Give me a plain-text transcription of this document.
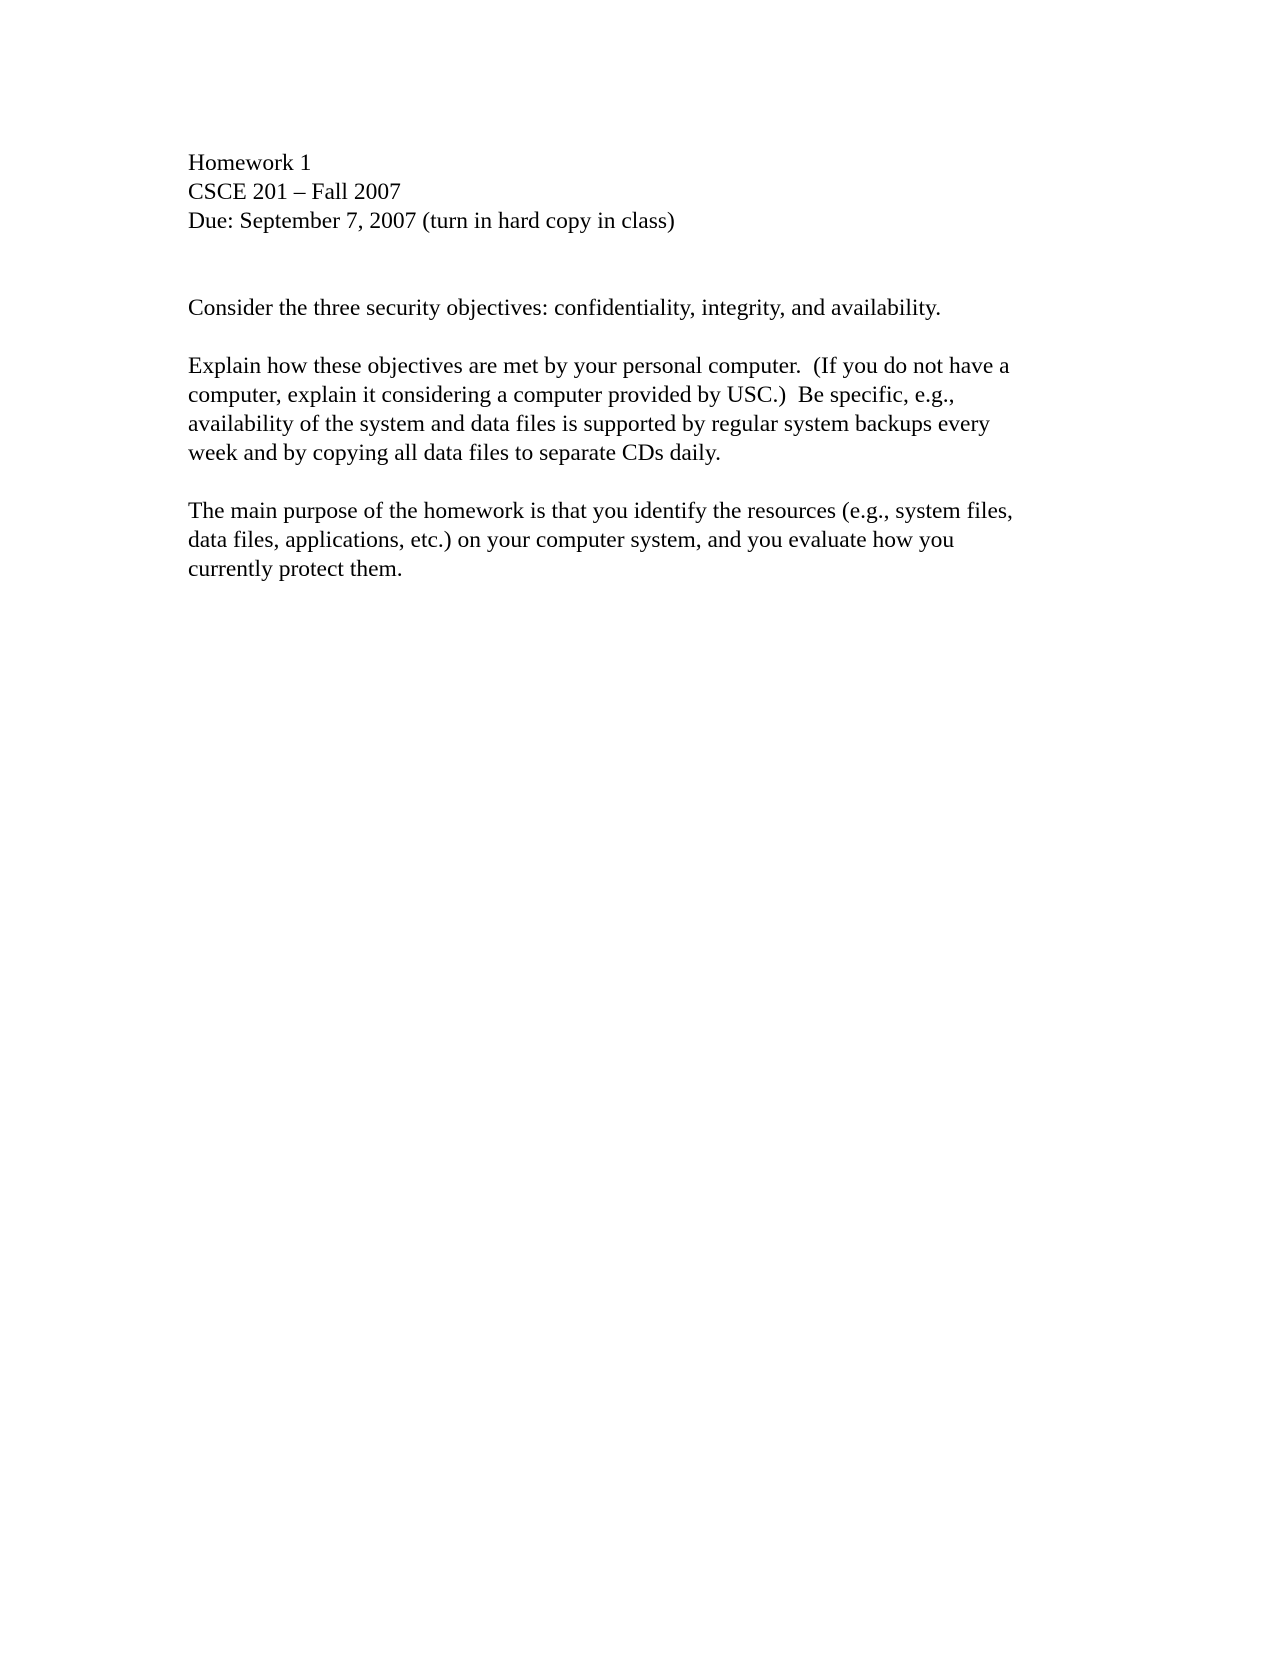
Homework 1
CSCE 201 – Fall 2007
Due: September 7, 2007 (turn in hard copy in class)
Consider the three security objectives: confidentiality, integrity, and availability.
Explain how these objectives are met by your personal computer.  (If you do not have a
computer, explain it considering a computer provided by USC.)  Be specific, e.g.,
availability of the system and data files is supported by regular system backups every
week and by copying all data files to separate CDs daily.
The main purpose of the homework is that you identify the resources (e.g., system files,
data files, applications, etc.) on your computer system, and you evaluate how you
currently protect them.
